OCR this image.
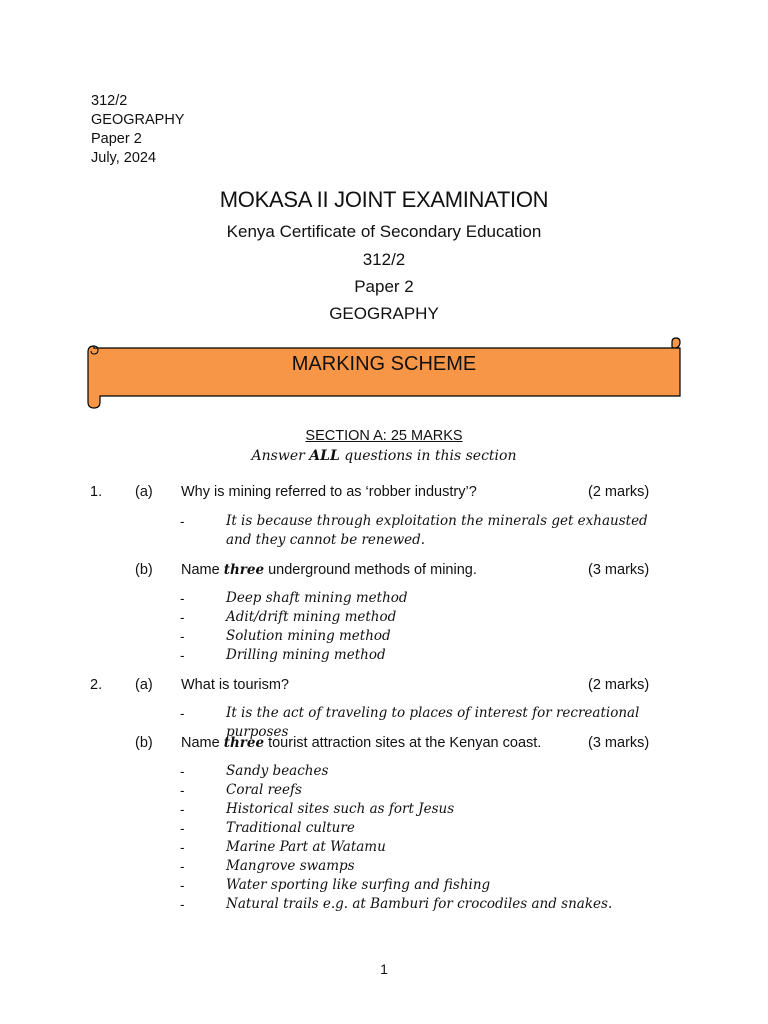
312/2
GEOGRAPHY
Paper 2
July, 2024
MOKASA II JOINT EXAMINATION
Kenya Certificate of Secondary Education
312/2
Paper 2
GEOGRAPHY
MARKING SCHEME
SECTION A: 25 MARKS
Answer ALL questions in this section
1. (a) Why is mining referred to as ‘robber industry’?	(2 marks)
-	It is because through exploitation the minerals get exhausted and they cannot be renewed.
(b) Name three underground methods of mining.	(3 marks)
-	Deep shaft mining method
-	Adit/drift mining method
-	Solution mining method
-	Drilling mining method
2. (a) What is tourism?	(2 marks)
-	It is the act of traveling to places of interest for recreational purposes
(b) Name three tourist attraction sites at the Kenyan coast.	(3 marks)
-	Sandy beaches
-	Coral reefs
-	Historical sites such as fort Jesus
-	Traditional culture
-	Marine Part at Watamu
-	Mangrove swamps
-	Water sporting like surfing and fishing
-	Natural trails e.g. at Bamburi for crocodiles and snakes.
1
